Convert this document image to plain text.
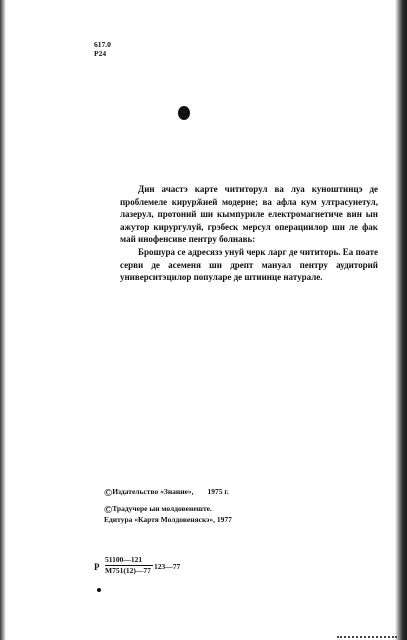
617.0
Р24

Дин ачастэ карте чититорул ва луа куноштинцэ де проблемеле кирурӂией модерне; ва афла кум ултрасунетул, лазерул, протоний ши кымпуриле електромагнетиче вин ын ажутор кирургулуй, грэбеск мерсул операциилор ши ле фак май инофенсиве пентру болнавь:

Брошура се адресязэ унуй черк ларг де чититорь. Еа поате серви де асеменя ши дрепт мануал пентру аудиторий университэцилор популаре де штиинце натурале.

©Издательство «Знание», 1975 г.
©Традучере ын молдовенеште.
Едитура «Картя Молдовеняскэ», 1977
Р
51100—121
М751(12)—77 123—77
